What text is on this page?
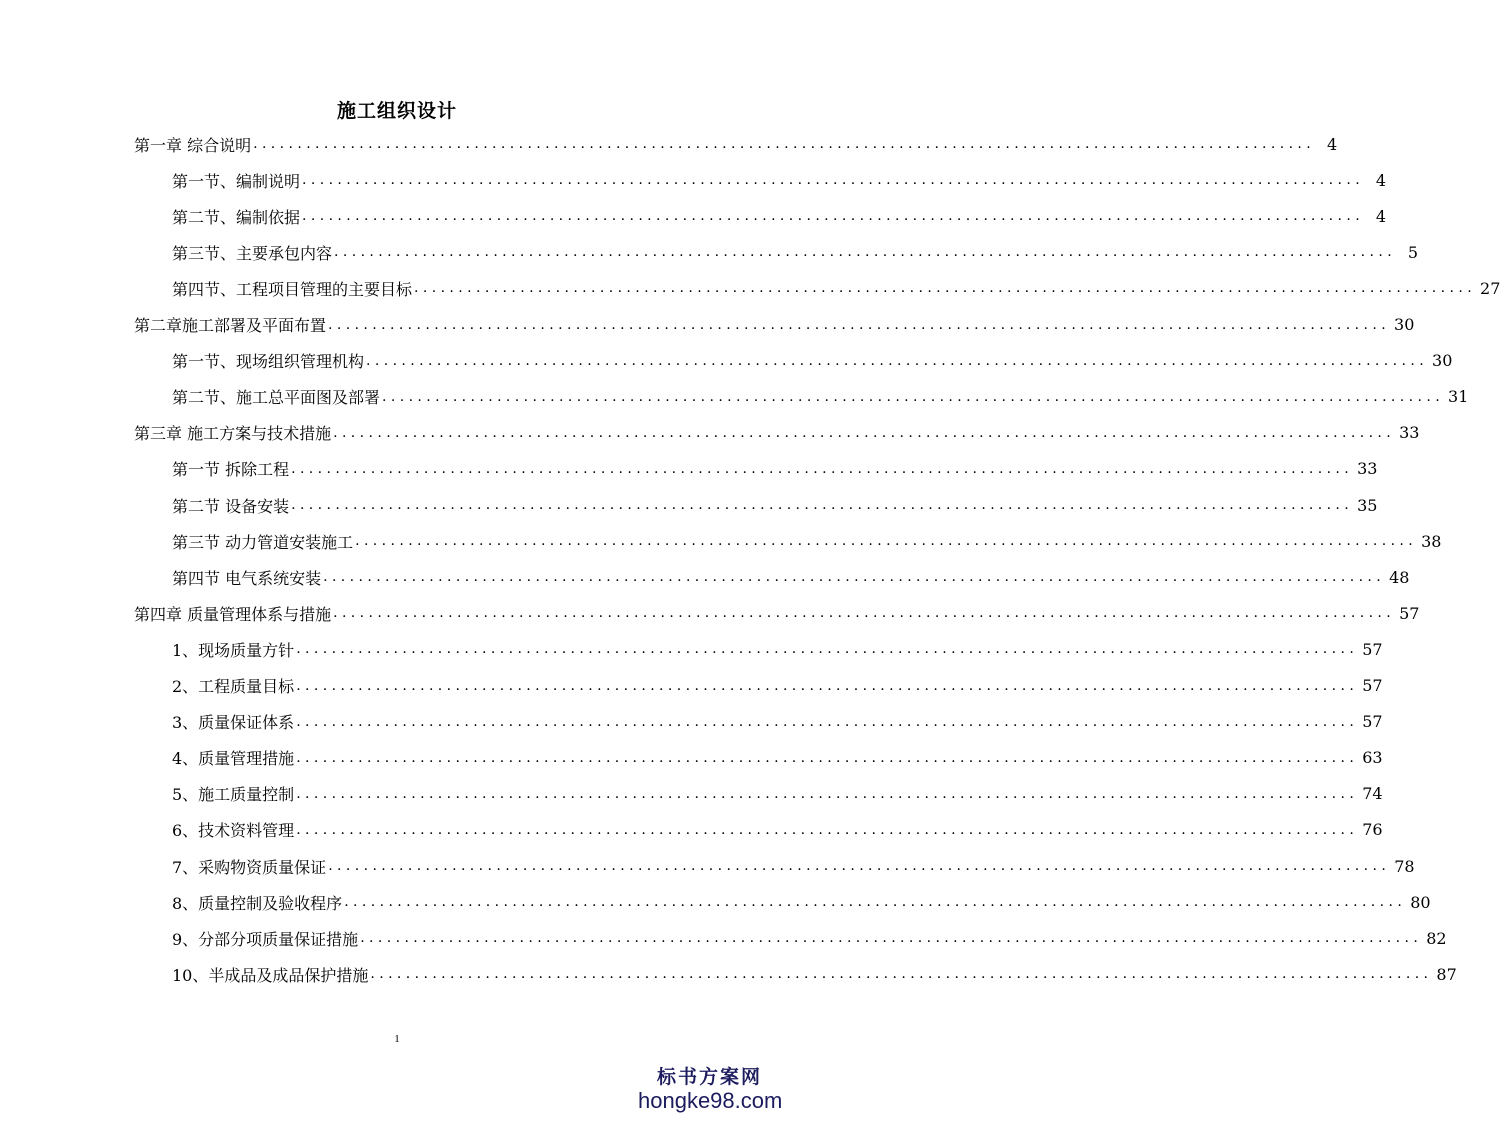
施工组织设计
第一章 综合说明 ........................................................................................................................ 4
第一节、编制说明 ........................................................................................................................ 4
第二节、编制依据 ........................................................................................................................ 4
第三节、主要承包内容 ........................................................................................................................ 5
第四节、工程项目管理的主要目标 ........................................................................................................................ 27
第二章施工部署及平面布置 ........................................................................................................................ 30
第一节、现场组织管理机构 ........................................................................................................................ 30
第二节、施工总平面图及部署 ........................................................................................................................ 31
第三章 施工方案与技术措施 ........................................................................................................................ 33
第一节 拆除工程 ........................................................................................................................ 33
第二节 设备安装 ........................................................................................................................ 35
第三节 动力管道安装施工 ........................................................................................................................ 38
第四节 电气系统安装 ........................................................................................................................ 48
第四章 质量管理体系与措施 ........................................................................................................................ 57
1、现场质量方针 ........................................................................................................................ 57
2、工程质量目标 ........................................................................................................................ 57
3、质量保证体系 ........................................................................................................................ 57
4、质量管理措施 ........................................................................................................................ 63
5、施工质量控制 ........................................................................................................................ 74
6、技术资料管理 ........................................................................................................................ 76
7、采购物资质量保证 ........................................................................................................................ 78
8、质量控制及验收程序 ........................................................................................................................ 80
9、分部分项质量保证措施 ........................................................................................................................ 82
10、半成品及成品保护措施 ........................................................................................................................ 87
1
标书方案网
hongke98.com
